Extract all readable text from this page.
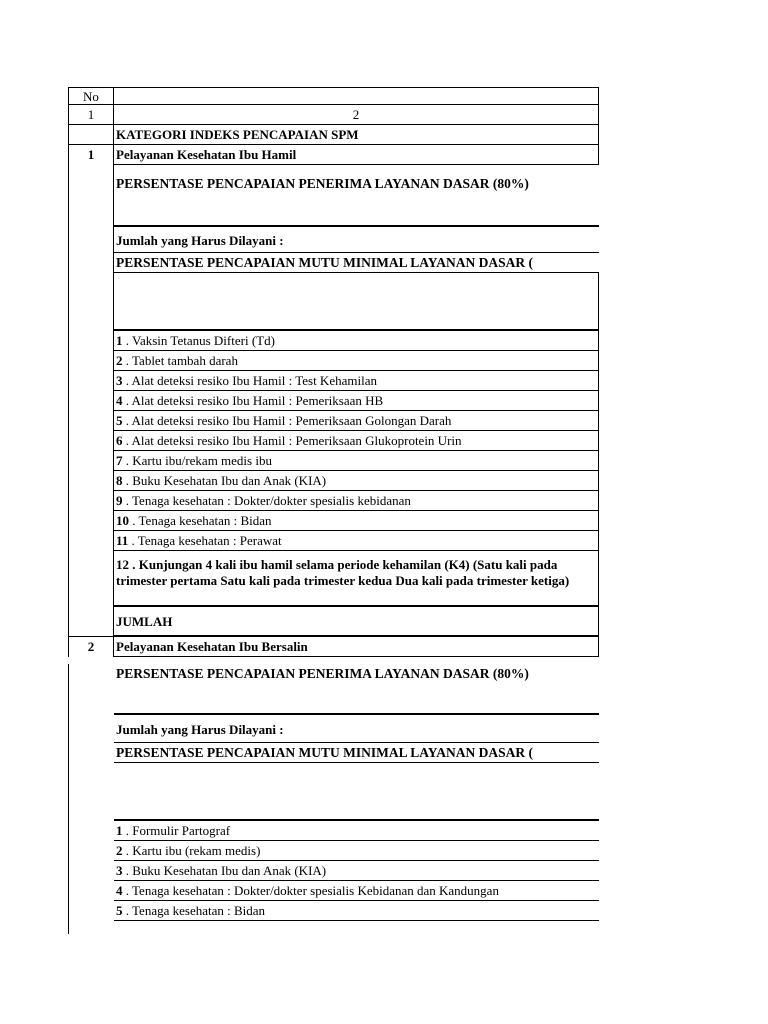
No
1	2
KATEGORI INDEKS PENCAPAIAN SPM
1	Pelayanan Kesehatan Ibu Hamil
PERSENTASE PENCAPAIAN PENERIMA LAYANAN DASAR (80%)
Jumlah yang Harus Dilayani :
PERSENTASE PENCAPAIAN MUTU MINIMAL LAYANAN DASAR (
1 . Vaksin Tetanus Difteri (Td)
2 . Tablet tambah darah
3 . Alat deteksi resiko Ibu Hamil : Test Kehamilan
4 . Alat deteksi resiko Ibu Hamil : Pemeriksaan HB
5 . Alat deteksi resiko Ibu Hamil : Pemeriksaan Golongan Darah
6 . Alat deteksi resiko Ibu Hamil : Pemeriksaan Glukoprotein Urin
7 . Kartu ibu/rekam medis ibu
8 . Buku Kesehatan Ibu dan Anak (KIA)
9 . Tenaga kesehatan : Dokter/dokter spesialis kebidanan
10 . Tenaga kesehatan : Bidan
11 . Tenaga kesehatan : Perawat
12 . Kunjungan 4 kali ibu hamil selama periode kehamilan (K4) (Satu kali pada trimester pertama Satu kali pada trimester kedua Dua kali pada trimester ketiga)
JUMLAH
2	Pelayanan Kesehatan Ibu Bersalin
PERSENTASE PENCAPAIAN PENERIMA LAYANAN DASAR (80%)
Jumlah yang Harus Dilayani :
PERSENTASE PENCAPAIAN MUTU MINIMAL LAYANAN DASAR (
1 . Formulir Partograf
2 . Kartu ibu (rekam medis)
3 . Buku Kesehatan Ibu dan Anak (KIA)
4 . Tenaga kesehatan : Dokter/dokter spesialis Kebidanan dan Kandungan
5 . Tenaga kesehatan : Bidan
